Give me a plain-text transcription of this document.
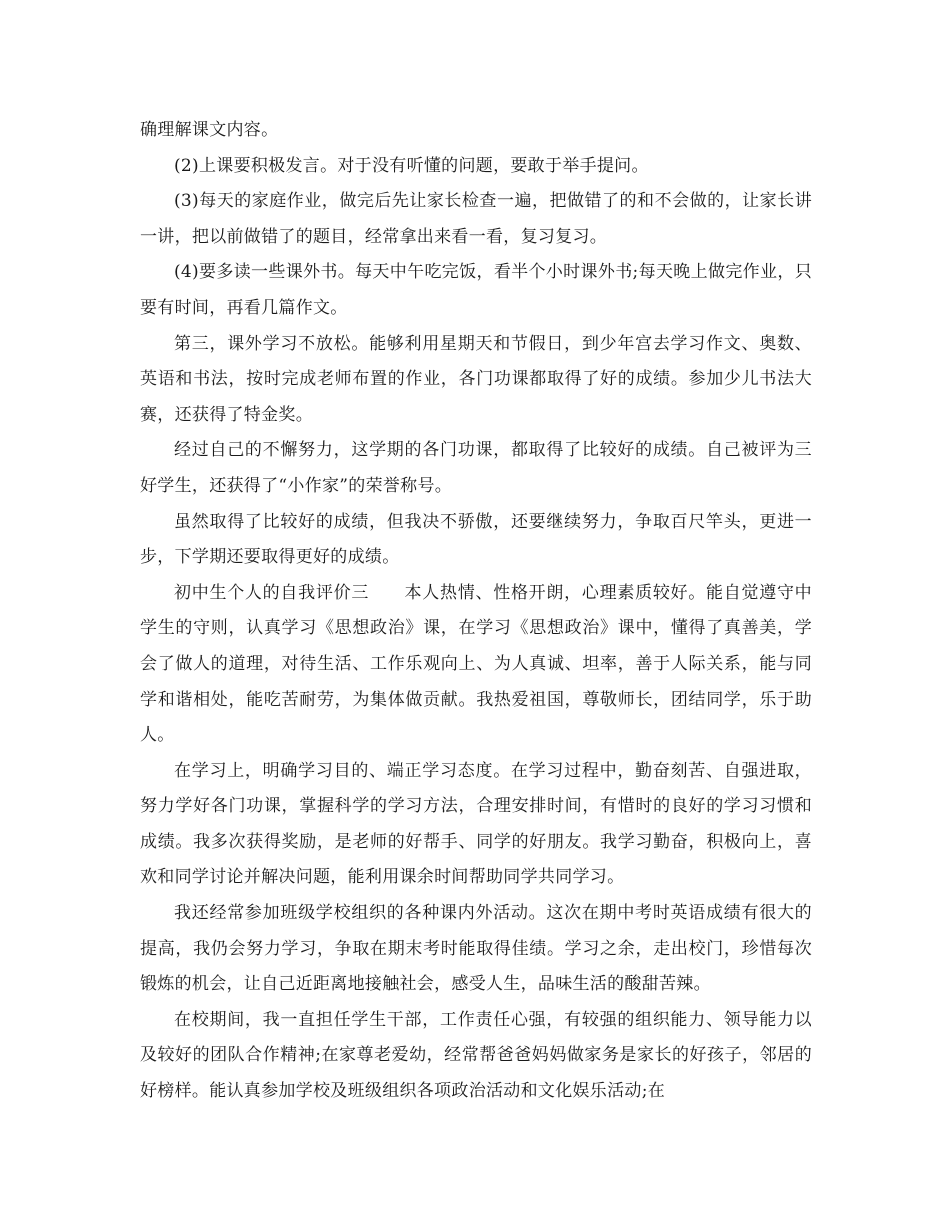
确理解课文内容。

(2)上课要积极发言。对于没有听懂的问题，要敢于举手提问。

(3)每天的家庭作业，做完后先让家长检查一遍，把做错了的和不会做的，让家长讲一讲，把以前做错了的题目，经常拿出来看一看，复习复习。

(4)要多读一些课外书。每天中午吃完饭，看半个小时课外书;每天晚上做完作业，只要有时间，再看几篇作文。

第三，课外学习不放松。能够利用星期天和节假日，到少年宫去学习作文、奥数、英语和书法，按时完成老师布置的作业，各门功课都取得了好的成绩。参加少儿书法大赛，还获得了特金奖。

经过自己的不懈努力，这学期的各门功课，都取得了比较好的成绩。自己被评为三好学生，还获得了“小作家”的荣誉称号。

虽然取得了比较好的成绩，但我决不骄傲，还要继续努力，争取百尺竿头，更进一步，下学期还要取得更好的成绩。

初中生个人的自我评价三　　本人热情、性格开朗，心理素质较好。能自觉遵守中学生的守则，认真学习《思想政治》课，在学习《思想政治》课中，懂得了真善美，学会了做人的道理，对待生活、工作乐观向上、为人真诚、坦率，善于人际关系，能与同学和谐相处，能吃苦耐劳，为集体做贡献。我热爱祖国，尊敬师长，团结同学，乐于助人。

在学习上，明确学习目的、端正学习态度。在学习过程中，勤奋刻苦、自强进取，努力学好各门功课，掌握科学的学习方法，合理安排时间，有惜时的良好的学习习惯和成绩。我多次获得奖励，是老师的好帮手、同学的好朋友。我学习勤奋，积极向上，喜欢和同学讨论并解决问题，能利用课余时间帮助同学共同学习。

我还经常参加班级学校组织的各种课内外活动。这次在期中考时英语成绩有很大的提高，我仍会努力学习，争取在期末考时能取得佳绩。学习之余，走出校门，珍惜每次锻炼的机会，让自己近距离地接触社会，感受人生，品味生活的酸甜苦辣。

在校期间，我一直担任学生干部，工作责任心强，有较强的组织能力、领导能力以及较好的团队合作精神;在家尊老爱幼，经常帮爸爸妈妈做家务是家长的好孩子，邻居的好榜样。能认真参加学校及班级组织各项政治活动和文化娱乐活动;在
